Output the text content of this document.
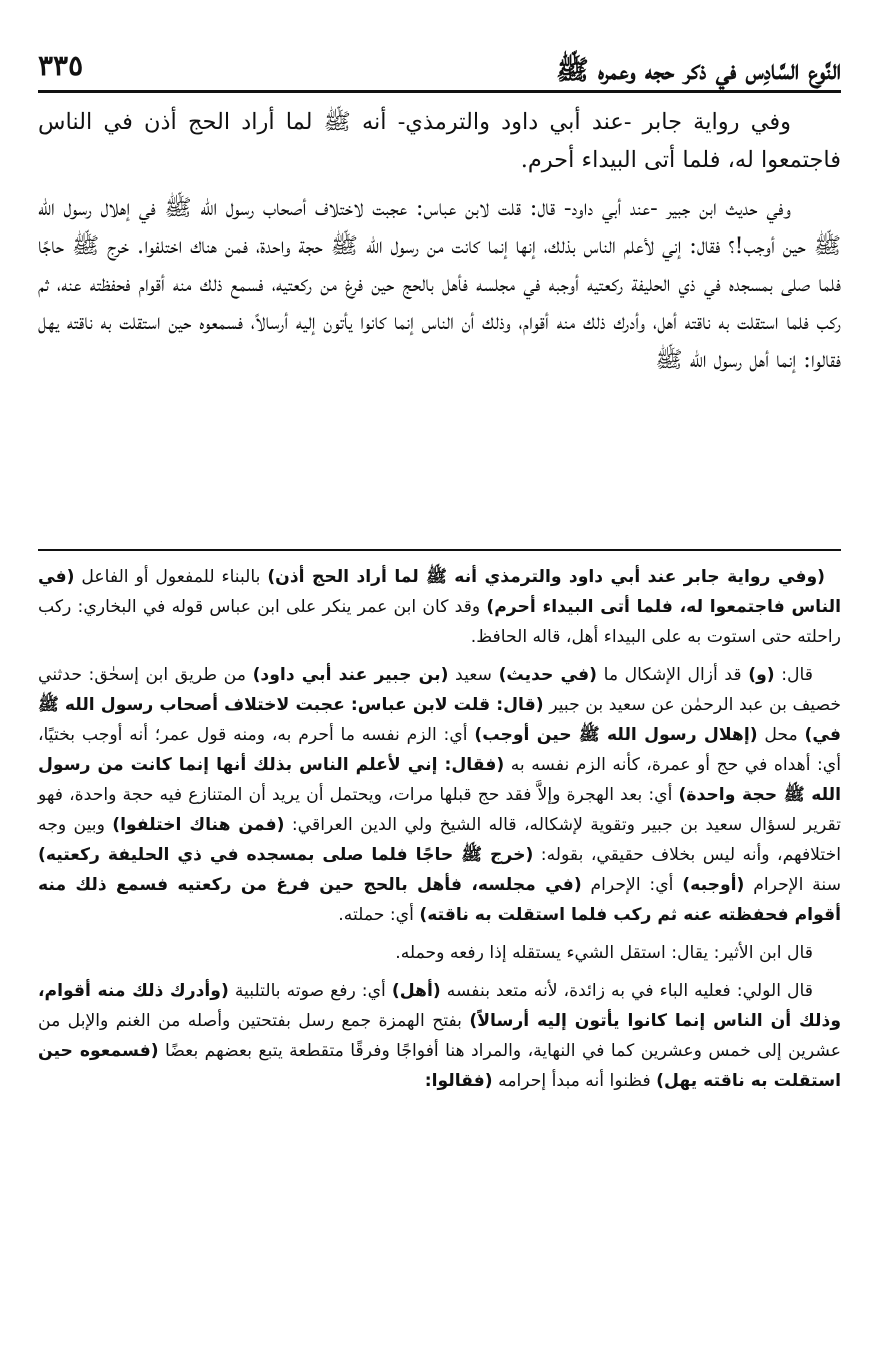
النَّوع السَّادِس في ذكر حجه وعمره ﷺ
٣٣٥

وفي رواية جابر -عند أبي داود والترمذي- أنه ﷺ لما أراد الحج أذن في الناس فاجتمعوا له، فلما أتى البيداء أحرم.

وفي حديث ابن جبير -عند أبي داود- قال: قلت لابن عباس: عجبت لاختلاف أصحاب رسول الله ﷺ في إهلال رسول الله ﷺ حين أوجب!؟ فقال: إني لأعلم الناس بذلك، إنها إنما كانت من رسول الله ﷺ حجة واحدة، فمن هناك اختلفوا. خرج ﷺ حاجًا فلما صلى بمسجده في ذي الحليفة ركعتيه أوجبه في مجلسه فأهل بالحج حين فرغ من ركعتيه، فسمع ذلك منه أقوام فحفظته عنه، ثم ركب فلما استقلت به ناقته أهل، وأدرك ذلك منه أقوام، وذلك أن الناس إنما كانوا يأتون إليه أرسالاً، فسمعوه حين استقلت به ناقته يهل فقالوا: إنما أهل رسول الله ﷺ

(وفي رواية جابر عند أبي داود والترمذي أنه ﷺ لما أراد الحج أذن) بالبناء للمفعول أو الفاعل (في الناس فاجتمعوا له، فلما أتى البيداء أحرم) وقد كان ابن عمر ينكر على ابن عباس قوله في البخاري: ركب راحلته حتى استوت به على البيداء أهل، قاله الحافظ.

قال: (و) قد أزال الإشكال ما (في حديث) سعيد (بن جبير عند أبي داود) من طريق ابن إسحٰق: حدثني خصيف بن عبد الرحمٰن عن سعيد بن جبير (قال: قلت لابن عباس: عجبت لاختلاف أصحاب رسول الله ﷺ في) محل (إهلال رسول الله ﷺ حين أوجب) أي: الزم نفسه ما أحرم به، ومنه قول عمر؛ أنه أوجب بختيًا، أي: أهداه في حج أو عمرة، كأنه الزم نفسه به (فقال: إني لأعلم الناس بذلك أنها إنما كانت من رسول الله ﷺ حجة واحدة) أي: بعد الهجرة وإلاَّ فقد حج قبلها مرات، ويحتمل أن يريد أن المتنازع فيه حجة واحدة، فهو تقرير لسؤال سعيد بن جبير وتقوية لإشكاله، قاله الشيخ ولي الدين العراقي: (فمن هناك اختلفوا) وبين وجه اختلافهم، وأنه ليس بخلاف حقيقي، بقوله: (خرج ﷺ حاجًا فلما صلى بمسجده في ذي الحليفة ركعتيه) سنة الإحرام (أوجبه) أي: الإحرام (في مجلسه، فأهل بالحج حين فرغ من ركعتيه فسمع ذلك منه أقوام فحفظته عنه ثم ركب فلما استقلت به ناقته) أي: حملته.

قال ابن الأثير: يقال: استقل الشيء يستقله إذا رفعه وحمله.

قال الولي: فعليه الباء في به زائدة، لأنه متعد بنفسه (أهل) أي: رفع صوته بالتلبية (وأدرك ذلك منه أقوام، وذلك أن الناس إنما كانوا يأتون إليه أرسالاً) بفتح الهمزة جمع رسل بفتحتين وأصله من الغنم والإبل من عشرين إلى خمس وعشرين كما في النهاية، والمراد هنا أفواجًا وفرقًا متقطعة يتبع بعضهم بعضًا (فسمعوه حين استقلت به ناقته يهل) فظنوا أنه مبدأ إحرامه (فقالوا:
